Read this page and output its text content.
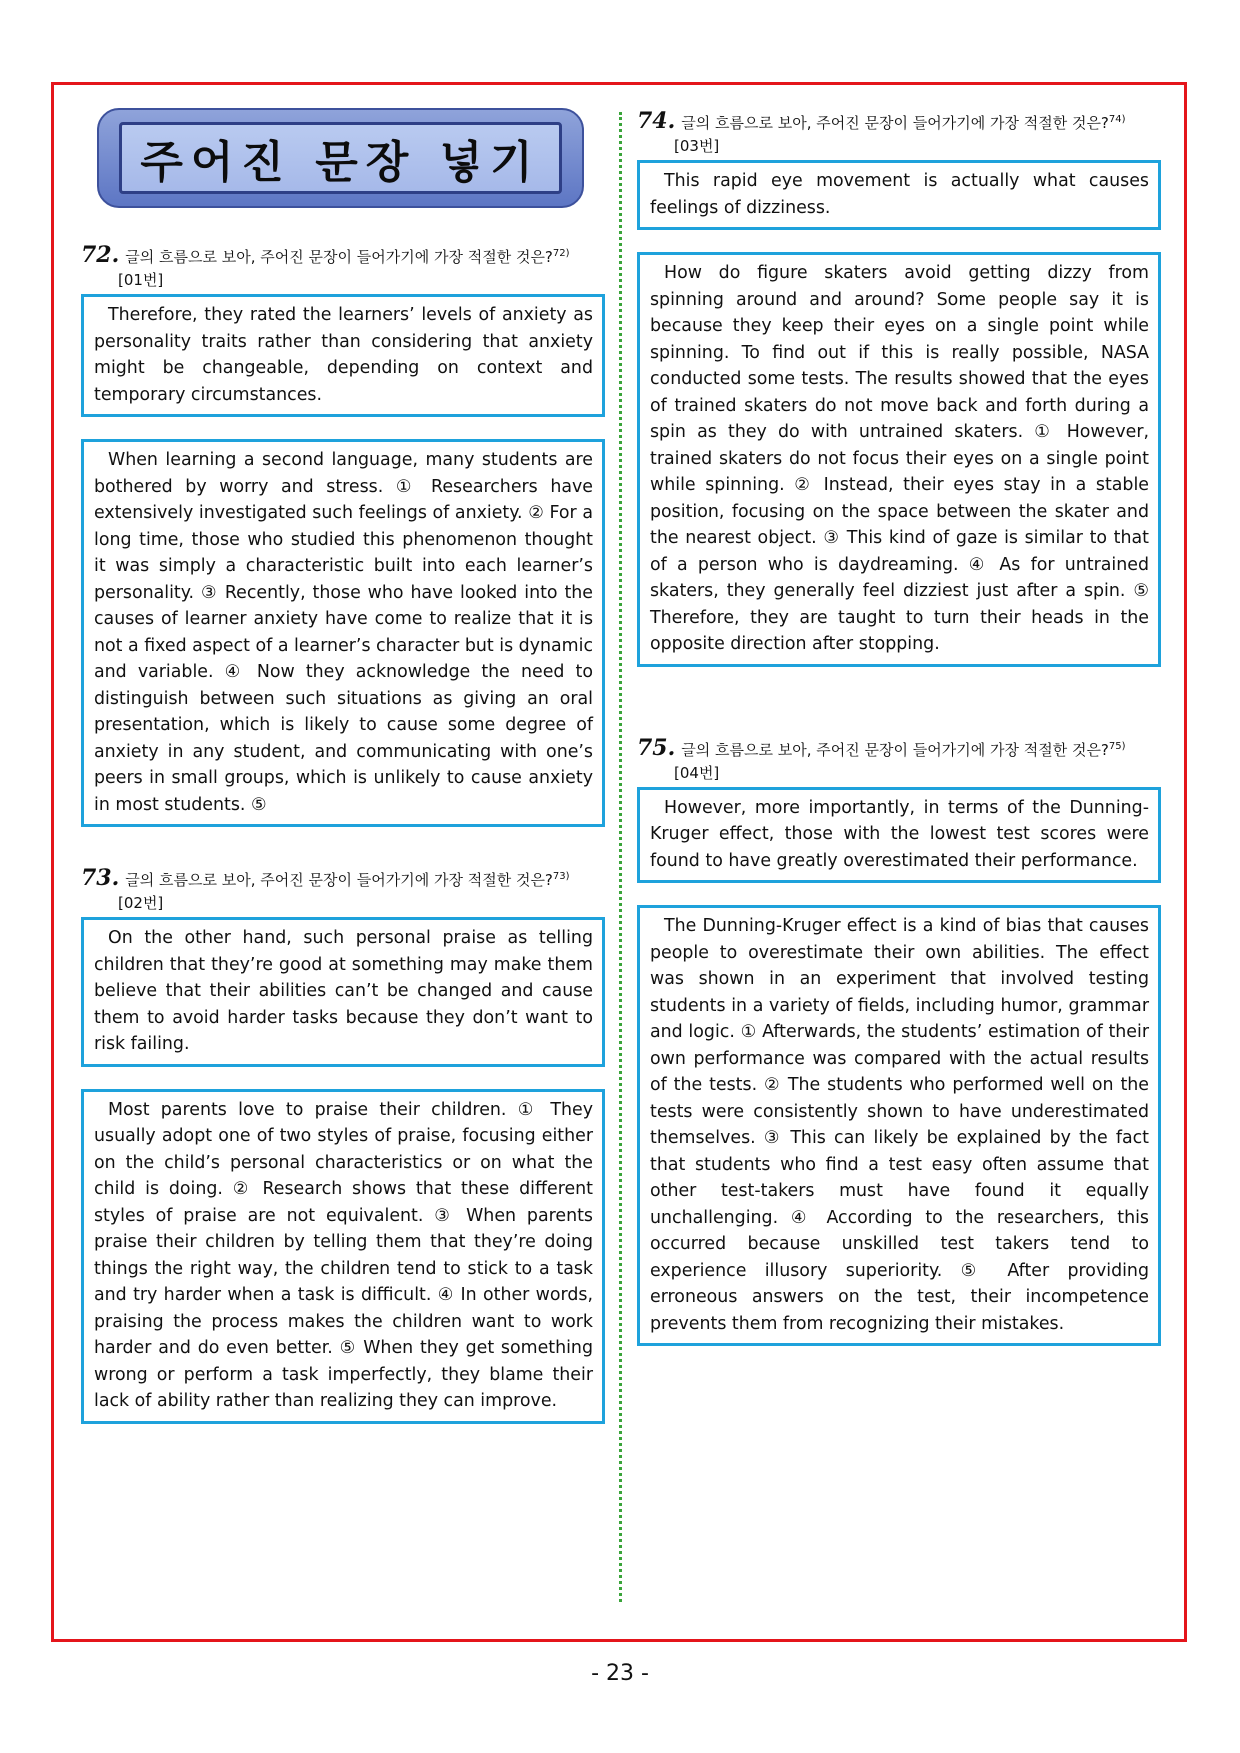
주어진 문장 넣기
72. 글의 흐름으로 보아, 주어진 문장이 들어가기에 가장 적절한 것은?$^{72)}$
[01번]
Therefore, they rated the learners’ levels of anxiety as personality traits rather than considering that anxiety might be changeable, depending on context and temporary circumstances.
When learning a second language, many students are bothered by worry and stress. ① Researchers have extensively investigated such feelings of anxiety. ② For a long time, those who studied this phenomenon thought it was simply a characteristic built into each learner’s personality. ③ Recently, those who have looked into the causes of learner anxiety have come to realize that it is not a fixed aspect of a learner’s character but is dynamic and variable. ④ Now they acknowledge the need to distinguish between such situations as giving an oral presentation, which is likely to cause some degree of anxiety in any student, and communicating with one’s peers in small groups, which is unlikely to cause anxiety in most students. ⑤
73. 글의 흐름으로 보아, 주어진 문장이 들어가기에 가장 적절한 것은?$^{73)}$
[02번]
On the other hand, such personal praise as telling children that they’re good at something may make them believe that their abilities can’t be changed and cause them to avoid harder tasks because they don’t want to risk failing.
Most parents love to praise their children. ① They usually adopt one of two styles of praise, focusing either on the child’s personal characteristics or on what the child is doing. ② Research shows that these different styles of praise are not equivalent. ③ When parents praise their children by telling them that they’re doing things the right way, the children tend to stick to a task and try harder when a task is difficult. ④ In other words, praising the process makes the children want to work harder and do even better. ⑤ When they get something wrong or perform a task imperfectly, they blame their lack of ability rather than realizing they can improve.
74. 글의 흐름으로 보아, 주어진 문장이 들어가기에 가장 적절한 것은?$^{74)}$
[03번]
This rapid eye movement is actually what causes feelings of dizziness.
How do figure skaters avoid getting dizzy from spinning around and around? Some people say it is because they keep their eyes on a single point while spinning. To find out if this is really possible, NASA conducted some tests. The results showed that the eyes of trained skaters do not move back and forth during a spin as they do with untrained skaters. ① However, trained skaters do not focus their eyes on a single point while spinning. ② Instead, their eyes stay in a stable position, focusing on the space between the skater and the nearest object. ③ This kind of gaze is similar to that of a person who is daydreaming. ④ As for untrained skaters, they generally feel dizziest just after a spin. ⑤ Therefore, they are taught to turn their heads in the opposite direction after stopping.
75. 글의 흐름으로 보아, 주어진 문장이 들어가기에 가장 적절한 것은?$^{75)}$
[04번]
However, more importantly, in terms of the Dunning-Kruger effect, those with the lowest test scores were found to have greatly overestimated their performance.
The Dunning-Kruger effect is a kind of bias that causes people to overestimate their own abilities. The effect was shown in an experiment that involved testing students in a variety of fields, including humor, grammar and logic. ① Afterwards, the students’ estimation of their own performance was compared with the actual results of the tests. ② The students who performed well on the tests were consistently shown to have underestimated themselves. ③ This can likely be explained by the fact that students who find a test easy often assume that other test-takers must have found it equally unchallenging. ④ According to the researchers, this occurred because unskilled test takers tend to experience illusory superiority. ⑤ After providing erroneous answers on the test, their incompetence prevents them from recognizing their mistakes.
- 23 -
